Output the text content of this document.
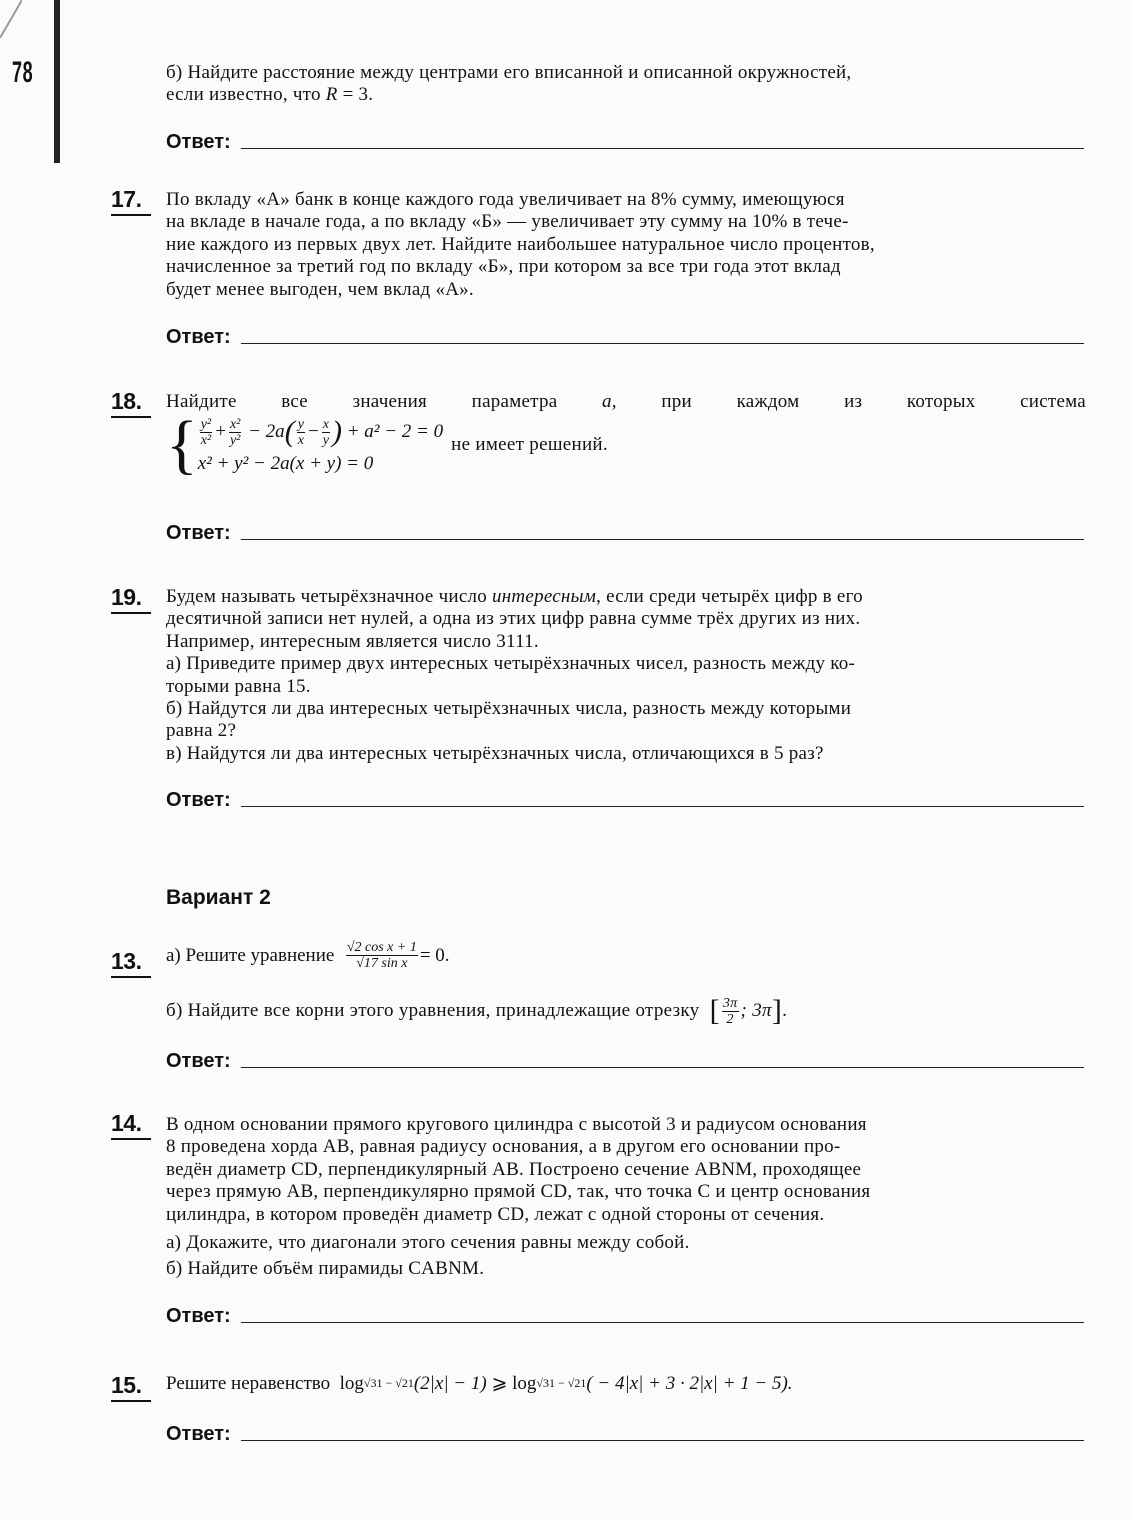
78	б) Найдите расстояние между центрами его вписанной и описанной окружностей,
если известно, что R = 3.
Ответ:
17.	По вкладу «А» банк в конце каждого года увеличивает на 8% сумму, имеющуюся
на вкладе в начале года, а по вкладу «Б» — увеличивает эту сумму на 10% в тече-
ние каждого из первых двух лет. Найдите наибольшее натуральное число процентов,
начисленное за третий год по вкладу «Б», при котором за все три года этот вклад
будет менее выгоден, чем вклад «А».
Ответ:
18.	Найдите все значения параметра a, при каждом из которых система
{ $\frac{\text{y²}}{\text{x²}} + \frac{\text{x²}}{\text{y²}} - 2a$ ( $\frac{y}{x} - \frac{x}{y}$ )
+ a² − 2 = 0
x² + y² − 2a(x + y) = 0
не имеет решений.
Ответ:
19.	Будем называть четырёхзначное число интересным, если среди четырёх цифр в его
десятичной записи нет нулей, а одна из этих цифр равна сумме трёх других из них.
Например, интересным является число 3111.
а) Приведите пример двух интересных четырёхзначных чисел, разность между ко-
торыми равна 15.
б) Найдутся ли два интересных четырёхзначных числа, разность между которыми
равна 2?
в) Найдутся ли два интересных четырёхзначных числа, отличающихся в 5 раз?
Ответ:
Вариант 2
13.	а) Решите уравнение
$\frac{\text{√2 cos x + 1}}{\text{√17 sin x}} = 0$.
б) Найдите все корни этого уравнения, принадлежащие отрезку
[ $\frac{3\pi}{2}$ ; 3π ] .
Ответ:
14.	В одном основании прямого кругового цилиндра с высотой 3 и радиусом основания
8 проведена хорда AB, равная радиусу основания, а в другом его основании про-
ведён диаметр CD, перпендикулярный AB. Построено сечение ABNM, проходящее
через прямую AB, перпендикулярно прямой CD, так, что точка C и центр основания
цилиндра, в котором проведён диаметр CD, лежат с одной стороны от сечения.
а) Докажите, что диагонали этого сечения равны между собой.
б) Найдите объём пирамиды CABNM.
Ответ:
15.	Решите неравенство
log √31 − √21 (2|x| − 1)
⩾
log √31 − √21 ( − 4|x| + 3 · 2|x| + 1 − 5).
Ответ:
